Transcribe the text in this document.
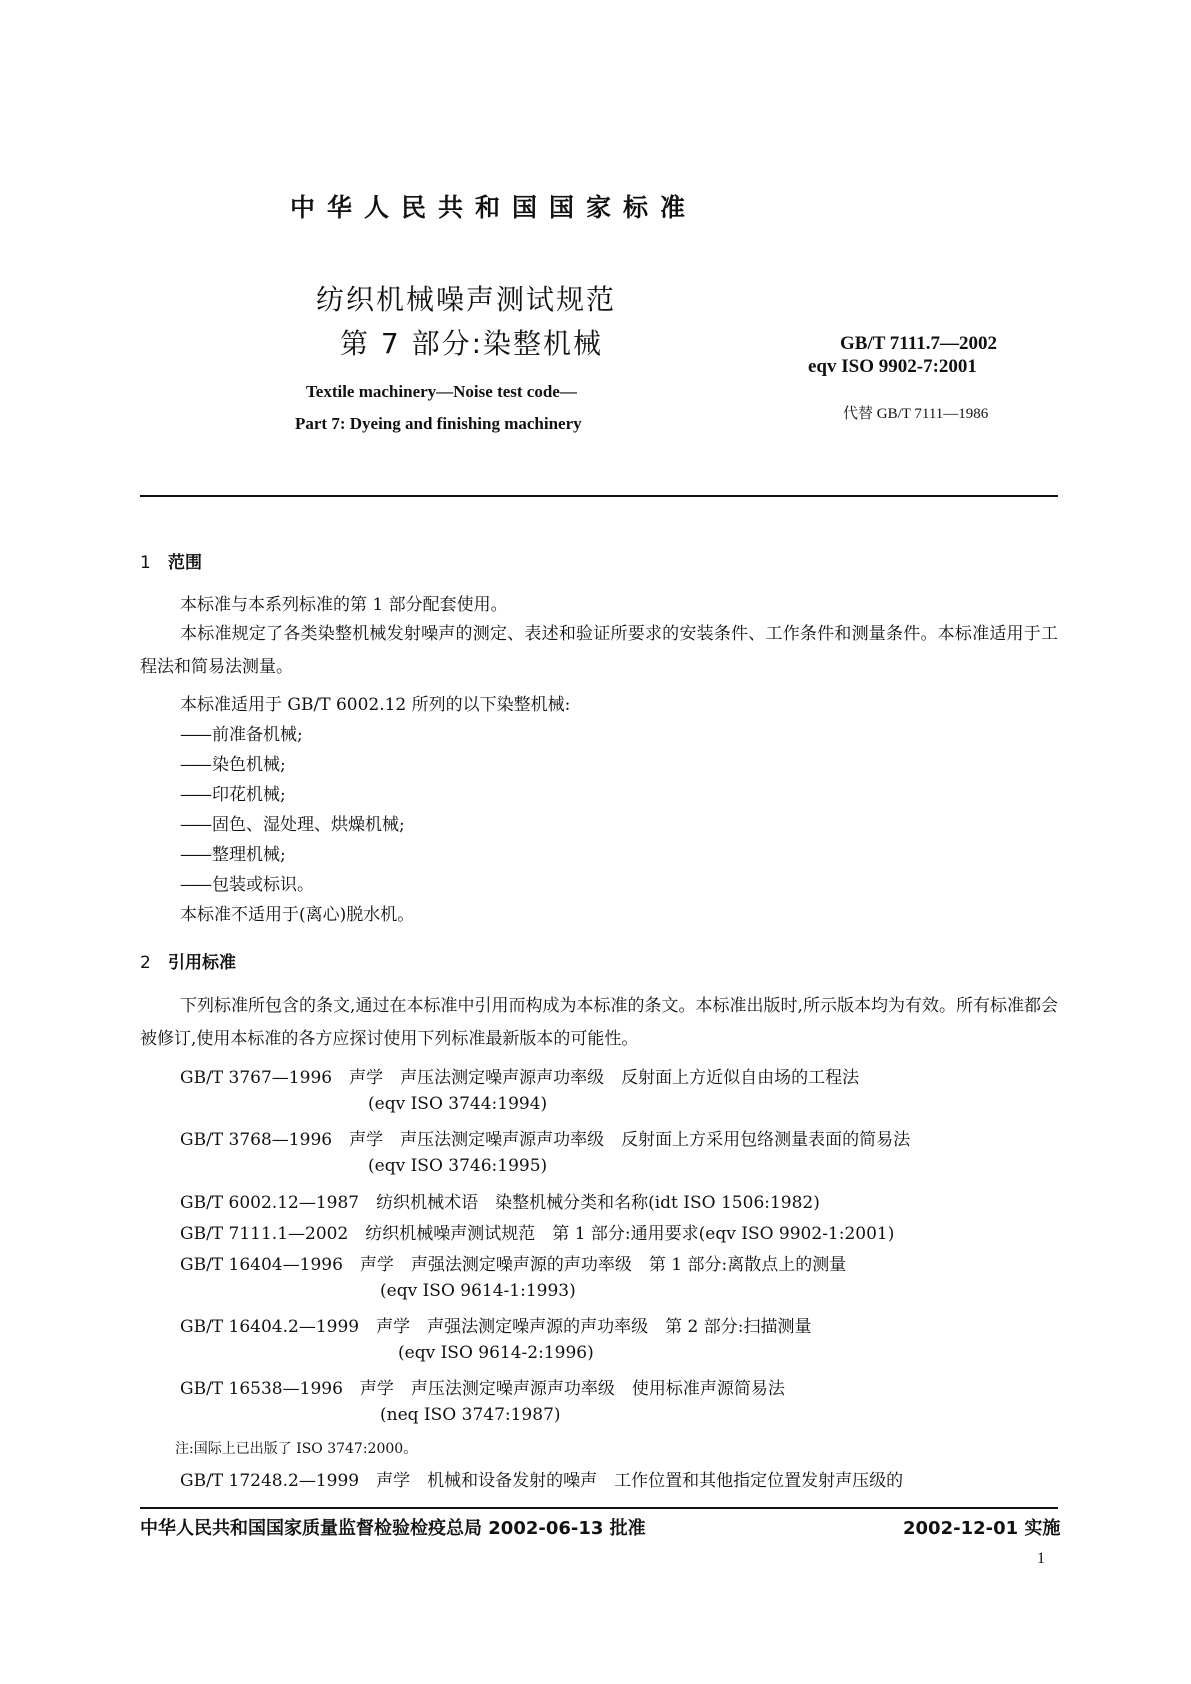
中华人民共和国国家标准
纺织机械噪声测试规范
第 7 部分:染整机械	GB/T 7111.7—2002
eqv ISO 9902-7:2001
代替 GB/T 7111—1986
Textile machinery—Noise test code—
Part 7: Dyeing and finishing machinery
1 范围
本标准与本系列标准的第 1 部分配套使用。
本标准规定了各类染整机械发射噪声的测定、表述和验证所要求的安装条件、工作条件和测量条件。本标准适用于工程法和简易法测量。
本标准适用于 GB/T 6002.12 所列的以下染整机械:
—— 前准备机械;
—— 染色机械;
—— 印花机械;
—— 固色、湿处理、烘燥机械;
—— 整理机械;
—— 包装或标识。
本标准不适用于(离心)脱水机。
2 引用标准
下列标准所包含的条文,通过在本标准中引用而构成为本标准的条文。本标准出版时,所示版本均为有效。所有标准都会被修订,使用本标准的各方应探讨使用下列标准最新版本的可能性。
GB/T 3767—1996　声学　声压法测定噪声源声功率级　反射面上方近似自由场的工程法
(eqv ISO 3744:1994)
GB/T 3768—1996　声学　声压法测定噪声源声功率级　反射面上方采用包络测量表面的简易法
(eqv ISO 3746:1995)
GB/T 6002.12—1987　纺织机械术语　染整机械分类和名称(idt ISO 1506:1982)
GB/T 7111.1—2002　纺织机械噪声测试规范　第 1 部分:通用要求(eqv ISO 9902-1:2001)
GB/T 16404—1996　声学　声强法测定噪声源的声功率级　第 1 部分:离散点上的测量
(eqv ISO 9614-1:1993)
GB/T 16404.2—1999　声学　声强法测定噪声源的声功率级　第 2 部分:扫描测量
(eqv ISO 9614-2:1996)
GB/T 16538—1996　声学　声压法测定噪声源声功率级　使用标准声源简易法
(neq ISO 3747:1987)
注:国际上已出版了 ISO 3747:2000。
GB/T 17248.2—1999　声学　机械和设备发射的噪声　工作位置和其他指定位置发射声压级的
中华人民共和国国家质量监督检验检疫总局 2002-06-13 批准	2002-12-01 实施
1
